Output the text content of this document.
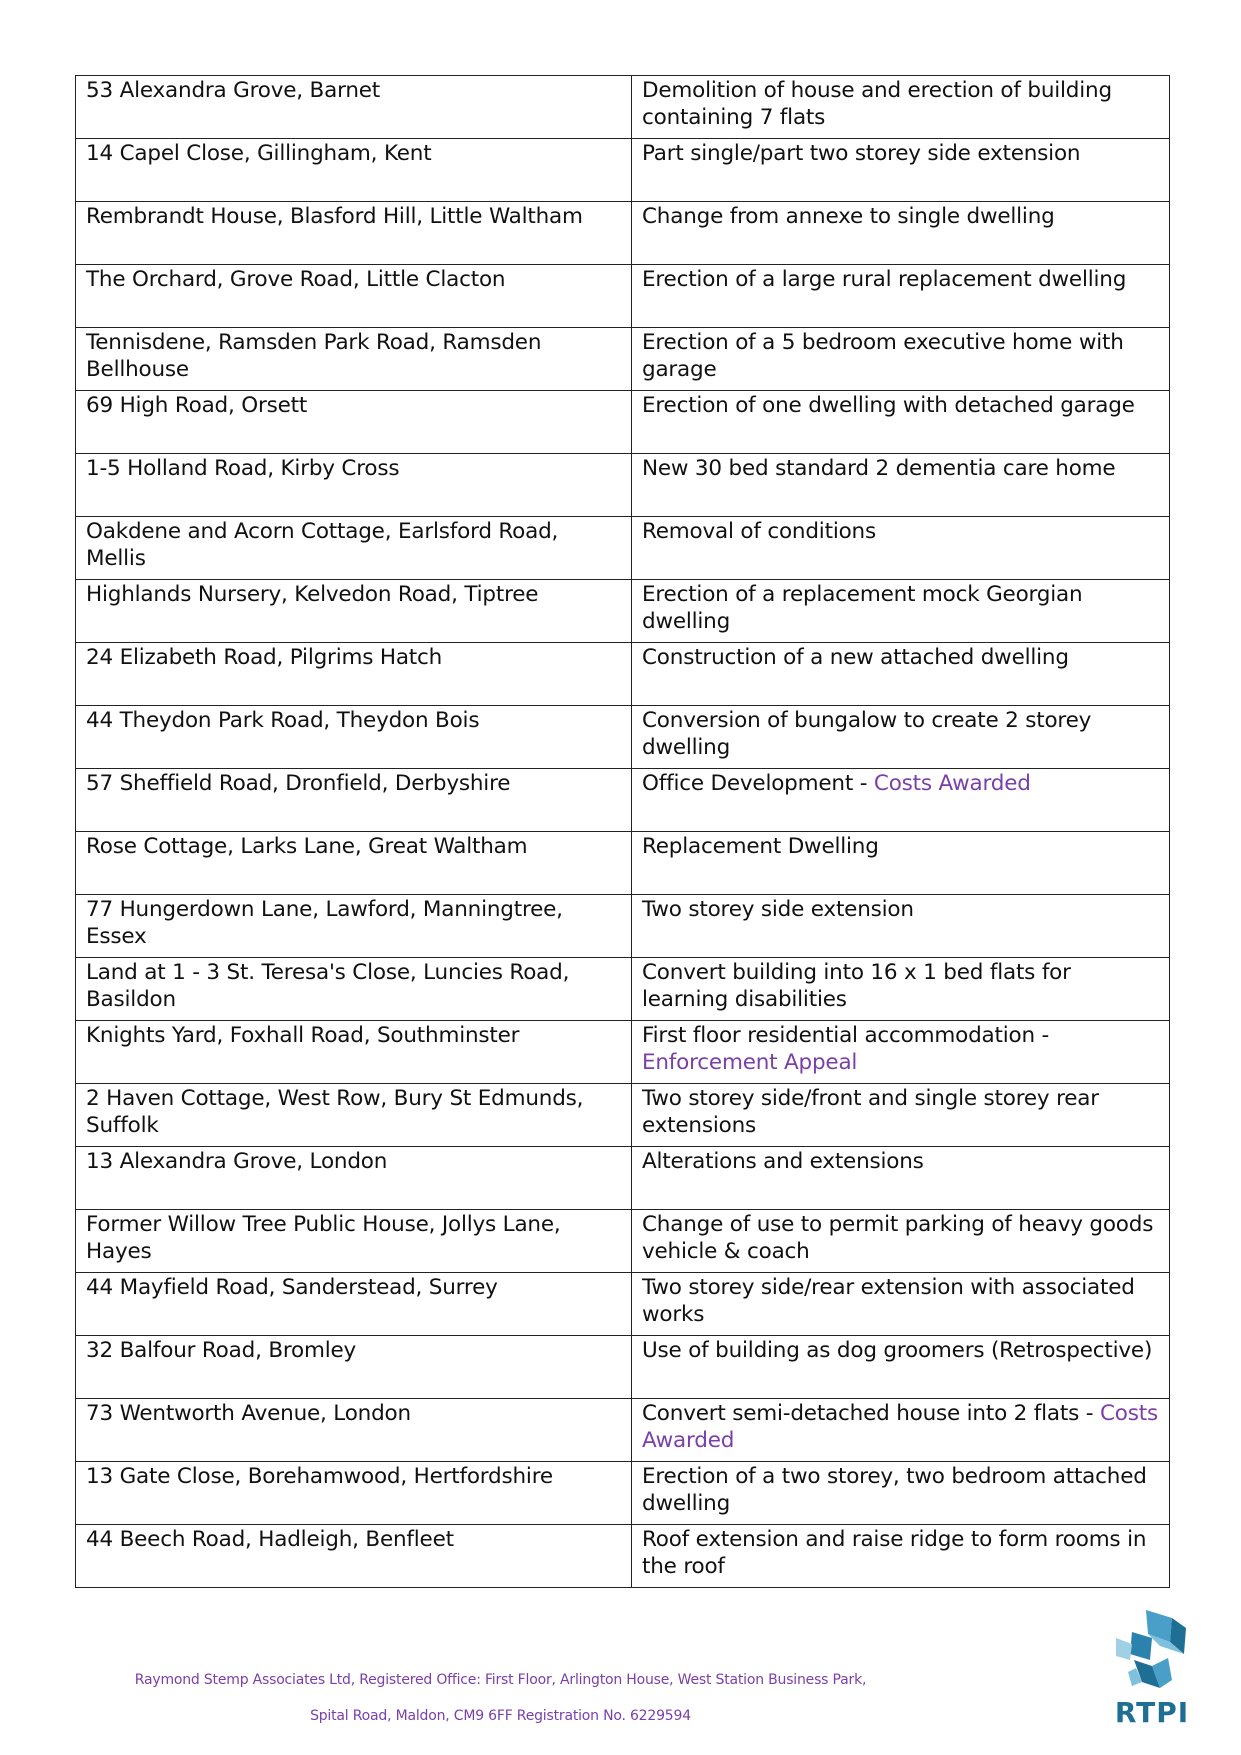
53 Alexandra Grove, Barnet	Demolition of house and erection of building containing 7 flats

14 Capel Close, Gillingham, Kent	Part single/part two storey side extension

Rembrandt House, Blasford Hill, Little Waltham	Change from annexe to single dwelling

The Orchard, Grove Road, Little Clacton	Erection of a large rural replacement dwelling

Tennisdene, Ramsden Park Road, Ramsden Bellhouse	Erection of a 5 bedroom executive home with garage

69 High Road, Orsett	Erection of one dwelling with detached garage

1-5 Holland Road, Kirby Cross	New 30 bed standard 2 dementia care home

Oakdene and Acorn Cottage, Earlsford Road, Mellis	Removal of conditions

Highlands Nursery, Kelvedon Road, Tiptree	Erection of a replacement mock Georgian dwelling

24 Elizabeth Road, Pilgrims Hatch	Construction of a new attached dwelling

44 Theydon Park Road, Theydon Bois	Conversion of bungalow to create 2 storey dwelling

57 Sheffield Road, Dronfield, Derbyshire	Office Development - Costs Awarded

Rose Cottage, Larks Lane, Great Waltham	Replacement Dwelling

77 Hungerdown Lane, Lawford, Manningtree, Essex	Two storey side extension

Land at 1 - 3 St. Teresa's Close, Luncies Road, Basildon	Convert building into 16 x 1 bed flats for learning disabilities

Knights Yard, Foxhall Road, Southminster	First floor residential accommodation - Enforcement Appeal

2 Haven Cottage, West Row, Bury St Edmunds, Suffolk	Two storey side/front and single storey rear extensions

13 Alexandra Grove, London	Alterations and extensions

Former Willow Tree Public House, Jollys Lane, Hayes	Change of use to permit parking of heavy goods vehicle & coach

44 Mayfield Road, Sanderstead, Surrey	Two storey side/rear extension with associated works

32 Balfour Road, Bromley	Use of building as dog groomers (Retrospective)

73 Wentworth Avenue, London	Convert semi-detached house into 2 flats - Costs Awarded

13 Gate Close, Borehamwood, Hertfordshire	Erection of a two storey, two bedroom attached dwelling

44 Beech Road, Hadleigh, Benfleet	Roof extension and raise ridge to form rooms in the roof
Raymond Stemp Associates Ltd, Registered Office: First Floor, Arlington House, West Station Business Park,
Spital Road, Maldon, CM9 6FF Registration No. 6229594	RTPI
